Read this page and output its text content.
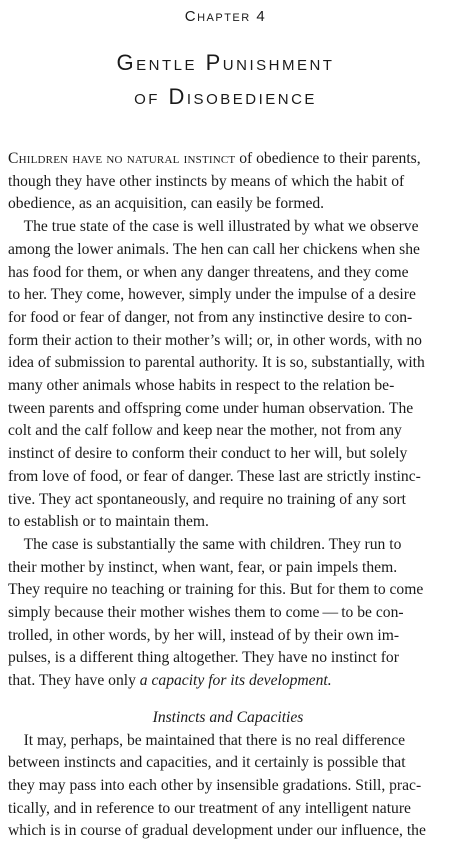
Chapter 4
Gentle Punishment
of Disobedience
Children have no natural instinct of obedience to their parents,
though they have other instincts by means of which the habit of
obedience, as an acquisition, can easily be formed.
 The true state of the case is well illustrated by what we observe
among the lower animals. The hen can call her chickens when she
has food for them, or when any danger threatens, and they come
to her. They come, however, simply under the impulse of a desire
for food or fear of danger, not from any instinctive desire to con-
form their action to their mother’s will; or, in other words, with no
idea of submission to parental authority. It is so, substantially, with
many other animals whose habits in respect to the relation be-
tween parents and offspring come under human observation. The
colt and the calf follow and keep near the mother, not from any
instinct of desire to conform their conduct to her will, but solely
from love of food, or fear of danger. These last are strictly instinc-
tive. They act spontaneously, and require no training of any sort
to establish or to maintain them.
 The case is substantially the same with children. They run to
their mother by instinct, when want, fear, or pain impels them.
They require no teaching or training for this. But for them to come
simply because their mother wishes them to come — to be con-
trolled, in other words, by her will, instead of by their own im-
pulses, is a different thing altogether. They have no instinct for
that. They have only a capacity for its development.
Instincts and Capacities
 It may, perhaps, be maintained that there is no real difference
between instincts and capacities, and it certainly is possible that
they may pass into each other by insensible gradations. Still, prac-
tically, and in reference to our treatment of any intelligent nature
which is in course of gradual development under our influence, the
